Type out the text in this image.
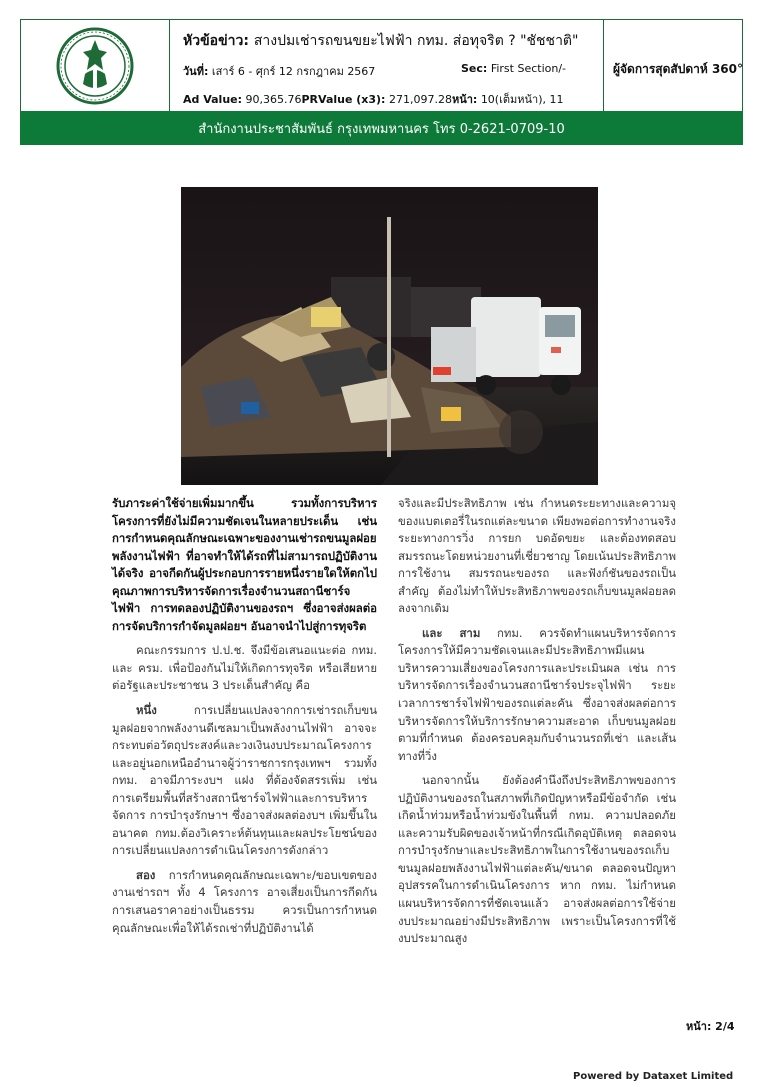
หัวข้อข่าว: สางปมเช่ารถขนขยะไฟฟ้า กทม. ส่อทุจริต ? "ชัชชาติ"
วันที่: เสาร์ 6 - ศุกร์ 12 กรกฎาคม 2567	Sec: First Section/-
Ad Value: 90,365.76PRValue (x3): 271,097.28หน้า: 10(เต็มหน้า), 11
ผู้จัดการสุดสัปดาห์ 360°
สำนักงานประชาสัมพันธ์ กรุงเทพมหานคร โทร 0-2621-0709-10

รับภาระค่าใช้จ่ายเพิ่มมากขึ้น รวมทั้งการบริหารโครงการที่ยังไม่มีความชัดเจนในหลายประเด็น เช่น การกำหนดคุณลักษณะเฉพาะของงานเช่ารถขนมูลฝอยพลังงานไฟฟ้า ที่อาจทำให้ได้รถที่ไม่สามารถปฏิบัติงานได้จริง อาจกีดกันผู้ประกอบการรายหนึ่งรายใดให้ตกไป คุณภาพการบริหารจัดการเรื่องจำนวนสถานีชาร์จไฟฟ้า การทดลองปฏิบัติงานของรถฯ ซึ่งอาจส่งผลต่อการจัดบริการกำจัดมูลฝอยฯ อันอาจนำไปสู่การทุจริต

คณะกรรมการ ป.ป.ช. จึงมีข้อเสนอแนะต่อ กทม. และ ครม. เพื่อป้องกันไม่ให้เกิดการทุจริต หรือเสียหายต่อรัฐและประชาชน 3 ประเด็นสำคัญ คือ

หนึ่ง	การเปลี่ยนแปลงจากการเช่ารถเก็บขนมูลฝอยจากพลังงานดีเซลมาเป็นพลังงานไฟฟ้า อาจจะกระทบต่อวัตถุประสงค์และวงเงินงบประมาณโครงการ และอยู่นอกเหนืออำนาจผู้ว่าราชการกรุงเทพฯ รวมทั้ง กทม. อาจมีภาระงบฯ แฝง ที่ต้องจัดสรรเพิ่ม เช่น การเตรียมพื้นที่สร้างสถานีชาร์จไฟฟ้าและการบริหารจัดการ การบำรุงรักษาฯ ซึ่งอาจส่งผลต่องบฯ เพิ่มขึ้นในอนาคต กทม.ต้องวิเคราะห์ต้นทุนและผลประโยชน์ของการเปลี่ยนแปลงการดำเนินโครงการดังกล่าว

สอง การกำหนดคุณลักษณะเฉพาะ/ขอบเขตของงานเช่ารถฯ ทั้ง 4 โครงการ อาจเสี่ยงเป็นการกีดกันการเสนอราคาอย่างเป็นธรรม ควรเป็นการกำหนดคุณลักษณะเพื่อให้ได้รถเช่าที่ปฏิบัติงานได้

จริงและมีประสิทธิภาพ เช่น กำหนดระยะทางและความจุของแบตเตอรี่ในรถแต่ละขนาด เพียงพอต่อการทำงานจริง ระยะทางการวิ่ง การยก บดอัดขยะ และต้องทดสอบสมรรถนะโดยหน่วยงานที่เชี่ยวชาญ โดยเน้นประสิทธิภาพการใช้งาน สมรรถนะของรถ และฟังก์ชันของรถเป็นสำคัญ ต้องไม่ทำให้ประสิทธิภาพของรถเก็บขนมูลฝอยลดลงจากเดิม

และ สาม กทม. ควรจัดทำแผนบริหารจัดการโครงการให้มีความชัดเจนและมีประสิทธิภาพมีแผนบริหารความเสี่ยงของโครงการและประเมินผล เช่น การบริหารจัดการเรื่องจำนวนสถานีชาร์จประจุไฟฟ้า ระยะเวลาการชาร์จไฟฟ้าของรถแต่ละคัน ซึ่งอาจส่งผลต่อการบริหารจัดการให้บริการรักษาความสะอาด เก็บขนมูลฝอยตามที่กำหนด ต้องครอบคลุมกับจำนวนรถที่เช่า และเส้นทางที่วิ่ง

นอกจากนั้น ยังต้องคำนึงถึงประสิทธิภาพของการปฏิบัติงานของรถในสภาพที่เกิดปัญหาหรือมีข้อจำกัด เช่น เกิดน้ำท่วมหรือน้ำท่วมขังในพื้นที่ กทม. ความปลอดภัยและความรับผิดของเจ้าหน้าที่กรณีเกิดอุบัติเหตุ ตลอดจนการบำรุงรักษาและประสิทธิภาพในการใช้งานของรถเก็บขนมูลฝอยพลังงานไฟฟ้าแต่ละคัน/ขนาด ตลอดจนปัญหาอุปสรรคในการดำเนินโครงการ หาก กทม. ไม่กำหนดแผนบริหารจัดการที่ชัดเจนแล้ว อาจส่งผลต่อการใช้จ่ายงบประมาณอย่างมีประสิทธิภาพ เพราะเป็นโครงการที่ใช้งบประมาณสูง

หน้า: 2/4
Powered by Dataxet Limited
